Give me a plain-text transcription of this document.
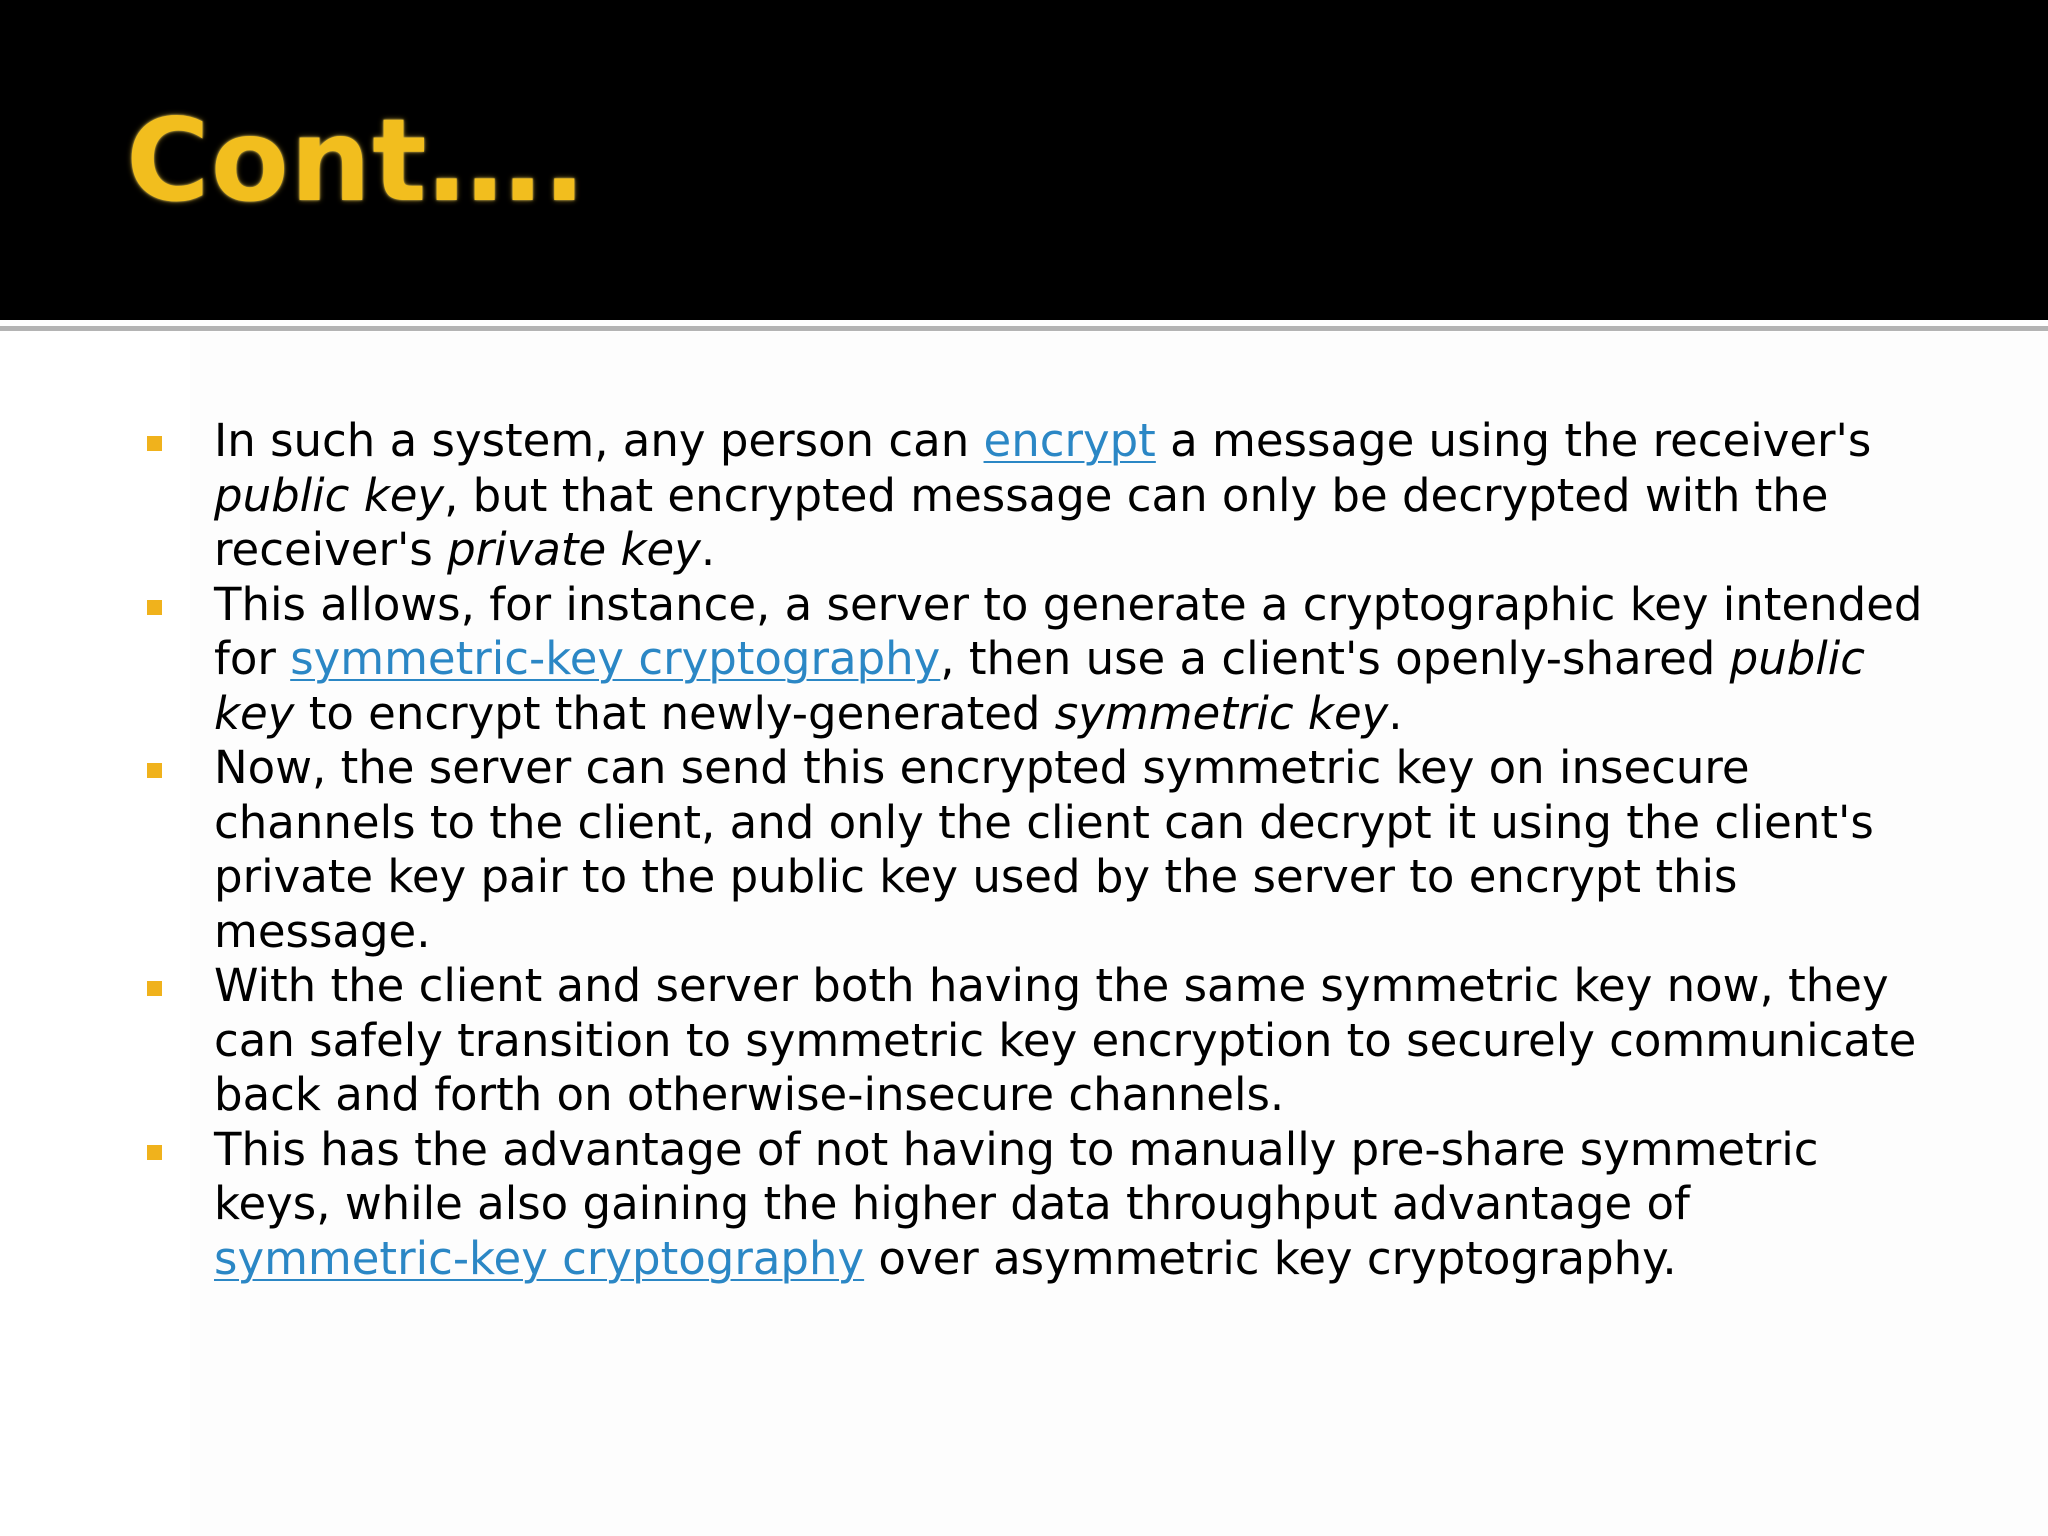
Cont….
In such a system, any person can encrypt a message using the receiver's public key, but that encrypted message can only be decrypted with the receiver's private key.
This allows, for instance, a server to generate a cryptographic key intended for symmetric-key cryptography, then use a client's openly-shared public key to encrypt that newly-generated symmetric key.
Now, the server can send this encrypted symmetric key on insecure channels to the client, and only the client can decrypt it using the client's private key pair to the public key used by the server to encrypt this message.
With the client and server both having the same symmetric key now, they can safely transition to symmetric key encryption to securely communicate back and forth on otherwise-insecure channels.
This has the advantage of not having to manually pre-share symmetric keys, while also gaining the higher data throughput advantage of symmetric-key cryptography over asymmetric key cryptography.
